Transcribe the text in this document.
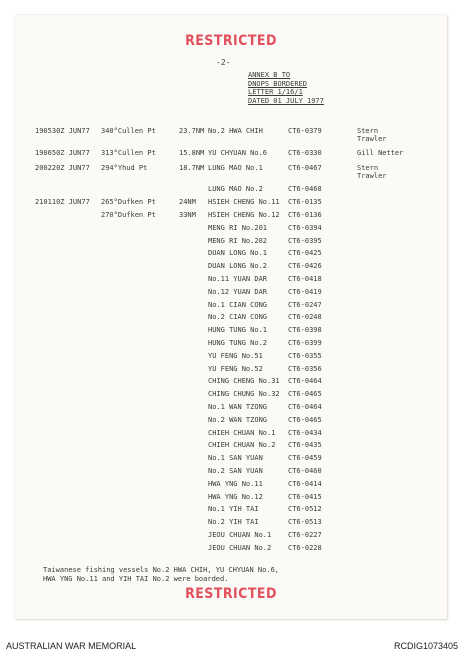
RESTRICTED
-2-
ANNEX B TO
DNOPS BORDERED
LETTER 1/16/1
DATED 01 JULY 1977
190530Z JUN77 340°Cullen Pt	23.7NM No.2 HWA CHIH	CT6-0379	Stern
Trawler
190650Z JUN77 313°Cullen Pt	15.8NM YU CHYUAN No.6	CT6-0330	Gill Netter
200220Z JUN77 294°Yhud Pt	18.7NM LUNG MAO No.1	CT6-0467	Stern
Trawler
LUNG MAO No.2	CT6-0468
210110Z JUN77 265°Dufken Pt	24NM HSIEH CHENG No.11 CT6-0135
270°Dufken Pt	33NM HSIEH CHENG No.12 CT6-0136
MENG RI No.201	CT6-0394
MENG RI No.202	CT6-0395
DUAN LONG No.1	CT6-0425
DUAN LONG No.2	CT6-0426
No.11 YUAN DAR	CT6-0418
No.12 YUAN DAR	CT6-0419
No.1 CIAN CONG	CT6-0247
No.2 CIAN CONG	CT6-0248
HUNG TUNG No.1	CT6-0398
HUNG TUNG No.2	CT6-0399
YU FENG No.51	CT6-0355
YU FENG No.52	CT6-0356
CHING CHENG No.31 CT6-0464
CHING CHUNG No.32 CT6-0465
No.1 WAN TZONG	CT6-0464
No.2 WAN TZONG	CT6-0465
CHIEH CHUAN No.1 CT6-0434
CHIEH CHUAN No.2 CT6-0435
No.1 SAN YUAN	CT6-0459
No.2 SAN YUAN	CT6-0460
HWA YNG No.11	CT6-0414
HWA YNG No.12	CT6-0415
No.1 YIH TAI	CT6-0512
No.2 YIH TAI	CT6-0513
JEOU CHUAN No.1 CT6-0227
JEOU CHUAN No.2 CT6-0228
Taiwanese fishing vessels No.2 HWA CHIH, YU CHYUAN No.6,
HWA YNG No.11 and YIH TAI No.2 were boarded.
RESTRICTED
AUSTRALIAN WAR MEMORIAL	RCDIG1073405
